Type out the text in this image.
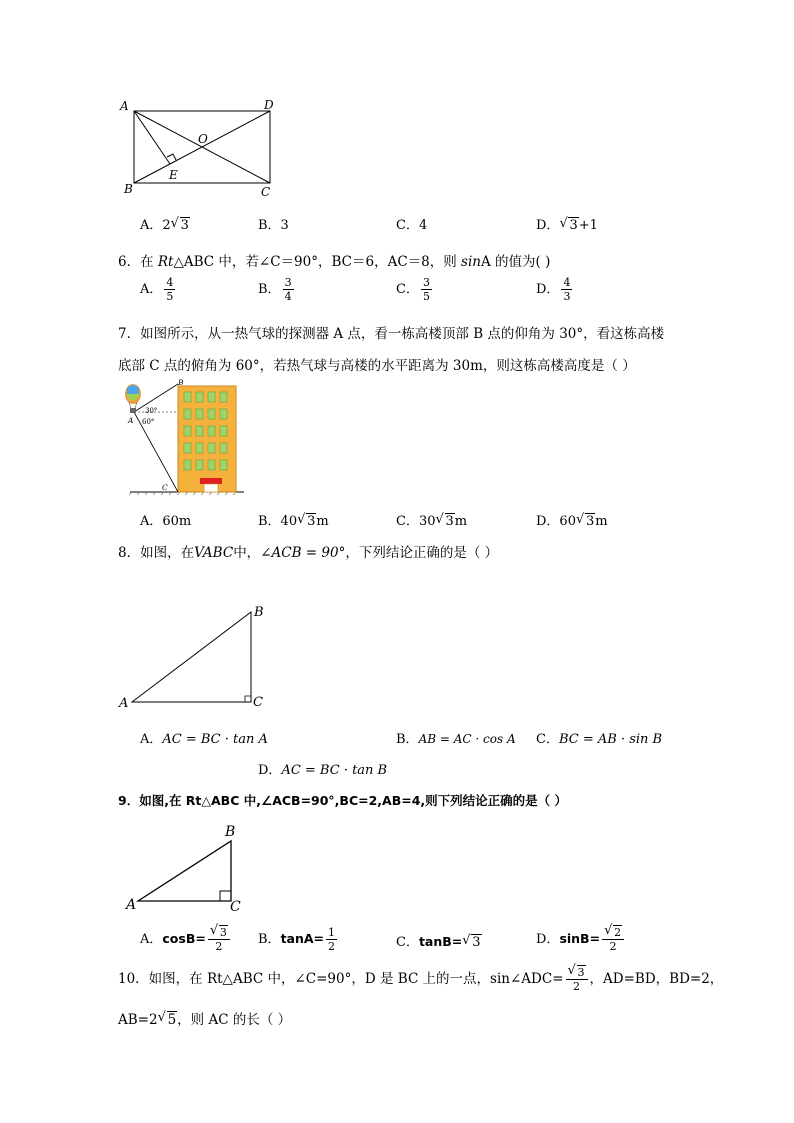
A	D
O
E
B	C
A．2 √ 3	B．3	C．4	D． √ 3+1
6．在 Rt△ABC 中，若∠C＝90°，BC＝6，AC＝8，则 sinA 的值为( )
A． $\frac{4}{5}$	B． $\frac{3}{4}$	C． $\frac{3}{5}$	D． $\frac{4}{3}$
7．如图所示，从一热气球的探测器 A 点，看一栋高楼顶部 B 点的仰角为 30°，看这栋高楼
底部 C 点的俯角为 60°，若热气球与高楼的水平距离为 30m，则这栋高楼高度是（ ）
B
A
C
30°
60°
A．60m	B．40 √ 3m	C．30 √ 3m	D．60 √ 3m
8．如图，在VABC中，∠ACB = 90°，下列结论正确的是（ ）
A
B
C
A．AC = BC · tan A	B．AB = AC · cos A C．BC = AB · sin B
D．AC = BC · tan B
9．如图,在 Rt△ABC 中,∠ACB=90°,BC=2,AB=4,则下列结论正确的是（ ）
A
B
C
A．cosB= √ $\frac{3}{2}$ B．$\tan A= \frac{1}{2}$	C．tanB= √ 3	D．sinB= √ $\frac{2}{2}$
10．如图，在 Rt△ABC 中，∠C=90°，D 是 BC 上的一点，sin∠ADC= √ $\frac{3}{2}$ ，AD=BD，BD=2，
AB=2 √ 5，则 AC 的长（ ）
